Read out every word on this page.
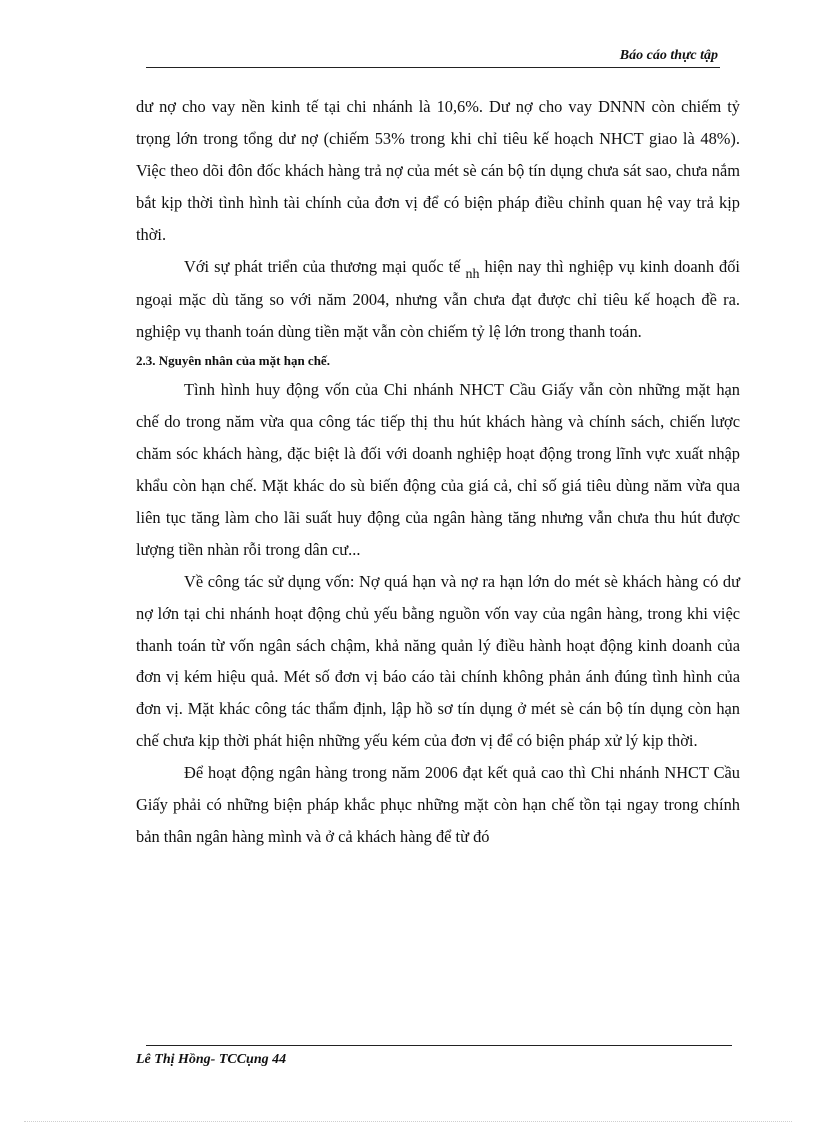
Báo cáo thực tập

dư nợ cho vay nền kinh tế tại chi nhánh là 10,6%. Dư nợ cho vay DNNN còn chiếm tỷ trọng lớn trong tổng dư nợ (chiếm 53% trong khi chỉ tiêu kế hoạch NHCT giao là 48%). Việc theo dõi đôn đốc khách hàng trả nợ của mét sè cán bộ tín dụng chưa sát sao, chưa nắm bắt kịp thời tình hình tài chính của đơn vị để có biện pháp điều chỉnh quan hệ vay trả kịp thời.

Với sự phát triển của thương mại quốc tế nh hiện nay thì nghiệp vụ kinh doanh đối ngoại mặc dù tăng so với năm 2004, nhưng vẫn chưa đạt được chỉ tiêu kế hoạch đề ra. nghiệp vụ thanh toán dùng tiền mặt vẫn còn chiếm tỷ lệ lớn trong thanh toán.

2.3. Nguyên nhân của mặt hạn chế.

Tình hình huy động vốn của Chi nhánh NHCT Cầu Giấy vẫn còn những mặt hạn chế do trong năm vừa qua công tác tiếp thị thu hút khách hàng và chính sách, chiến lược chăm sóc khách hàng, đặc biệt là đối với doanh nghiệp hoạt động trong lĩnh vực xuất nhập khẩu còn hạn chế. Mặt khác do sù biến động của giá cả, chỉ số giá tiêu dùng năm vừa qua liên tục tăng làm cho lãi suất huy động của ngân hàng tăng nhưng vẫn chưa thu hút được lượng tiền nhàn rỗi trong dân cư...

Về công tác sử dụng vốn: Nợ quá hạn và nợ ra hạn lớn do mét sè khách hàng có dư nợ lớn tại chi nhánh hoạt động chủ yếu bằng nguồn vốn vay của ngân hàng, trong khi việc thanh toán từ vốn ngân sách chậm, khả năng quản lý điều hành hoạt động kinh doanh của đơn vị kém hiệu quả. Mét số đơn vị báo cáo tài chính không phản ánh đúng tình hình của đơn vị. Mặt khác công tác thẩm định, lập hồ sơ tín dụng ở mét sè cán bộ tín dụng còn hạn chế chưa kịp thời phát hiện những yếu kém của đơn vị để có biện pháp xử lý kịp thời.

Để hoạt động ngân hàng trong năm 2006 đạt kết quả cao thì Chi nhánh NHCT Cầu Giấy phải có những biện pháp khắc phục những mặt còn hạn chế tồn tại ngay trong chính bản thân ngân hàng mình và ở cả khách hàng để từ đó

Lê Thị Hồng- TCCụng 44
